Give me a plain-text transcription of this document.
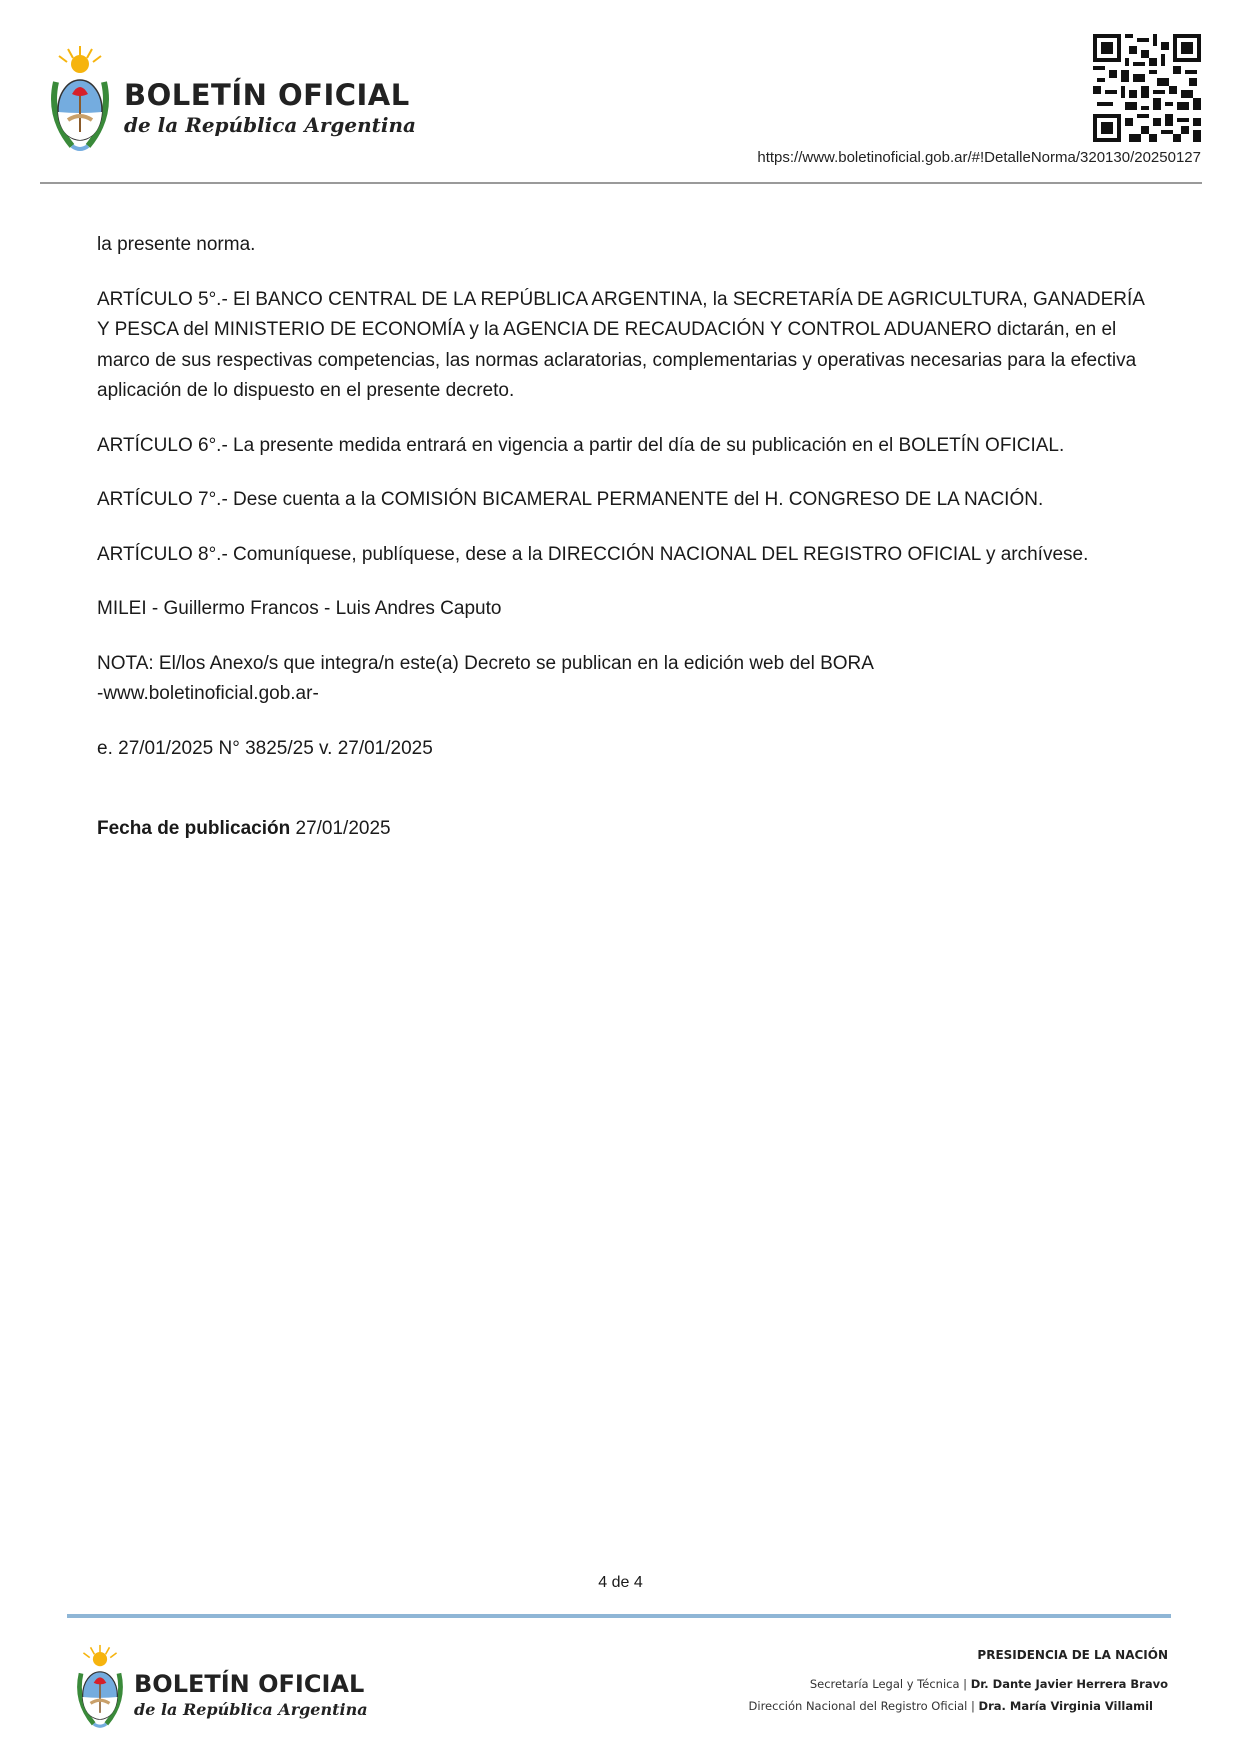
BOLETÍN OFICIAL
de la República Argentina
https://www.boletinoficial.gob.ar/#!DetalleNorma/320130/20250127

la presente norma.

ARTÍCULO 5°.- El BANCO CENTRAL DE LA REPÚBLICA ARGENTINA, la SECRETARÍA DE AGRICULTURA, GANADERÍA Y PESCA del MINISTERIO DE ECONOMÍA y la AGENCIA DE RECAUDACIÓN Y CONTROL ADUANERO dictarán, en el marco de sus respectivas competencias, las normas aclaratorias, complementarias y operativas necesarias para la efectiva aplicación de lo dispuesto en el presente decreto.

ARTÍCULO 6°.- La presente medida entrará en vigencia a partir del día de su publicación en el BOLETÍN OFICIAL.

ARTÍCULO 7°.- Dese cuenta a la COMISIÓN BICAMERAL PERMANENTE del H. CONGRESO DE LA NACIÓN.

ARTÍCULO 8°.- Comuníquese, publíquese, dese a la DIRECCIÓN NACIONAL DEL REGISTRO OFICIAL y archívese.

MILEI - Guillermo Francos - Luis Andres Caputo

NOTA: El/los Anexo/s que integra/n este(a) Decreto se publican en la edición web del BORA
-www.boletinoficial.gob.ar-

e. 27/01/2025 N° 3825/25 v. 27/01/2025

Fecha de publicación 27/01/2025

4 de 4
BOLETÍN OFICIAL
de la República Argentina
PRESIDENCIA DE LA NACIÓN
Secretaría Legal y Técnica | Dr. Dante Javier Herrera Bravo
Dirección Nacional del Registro Oficial | Dra. María Virginia Villamil
